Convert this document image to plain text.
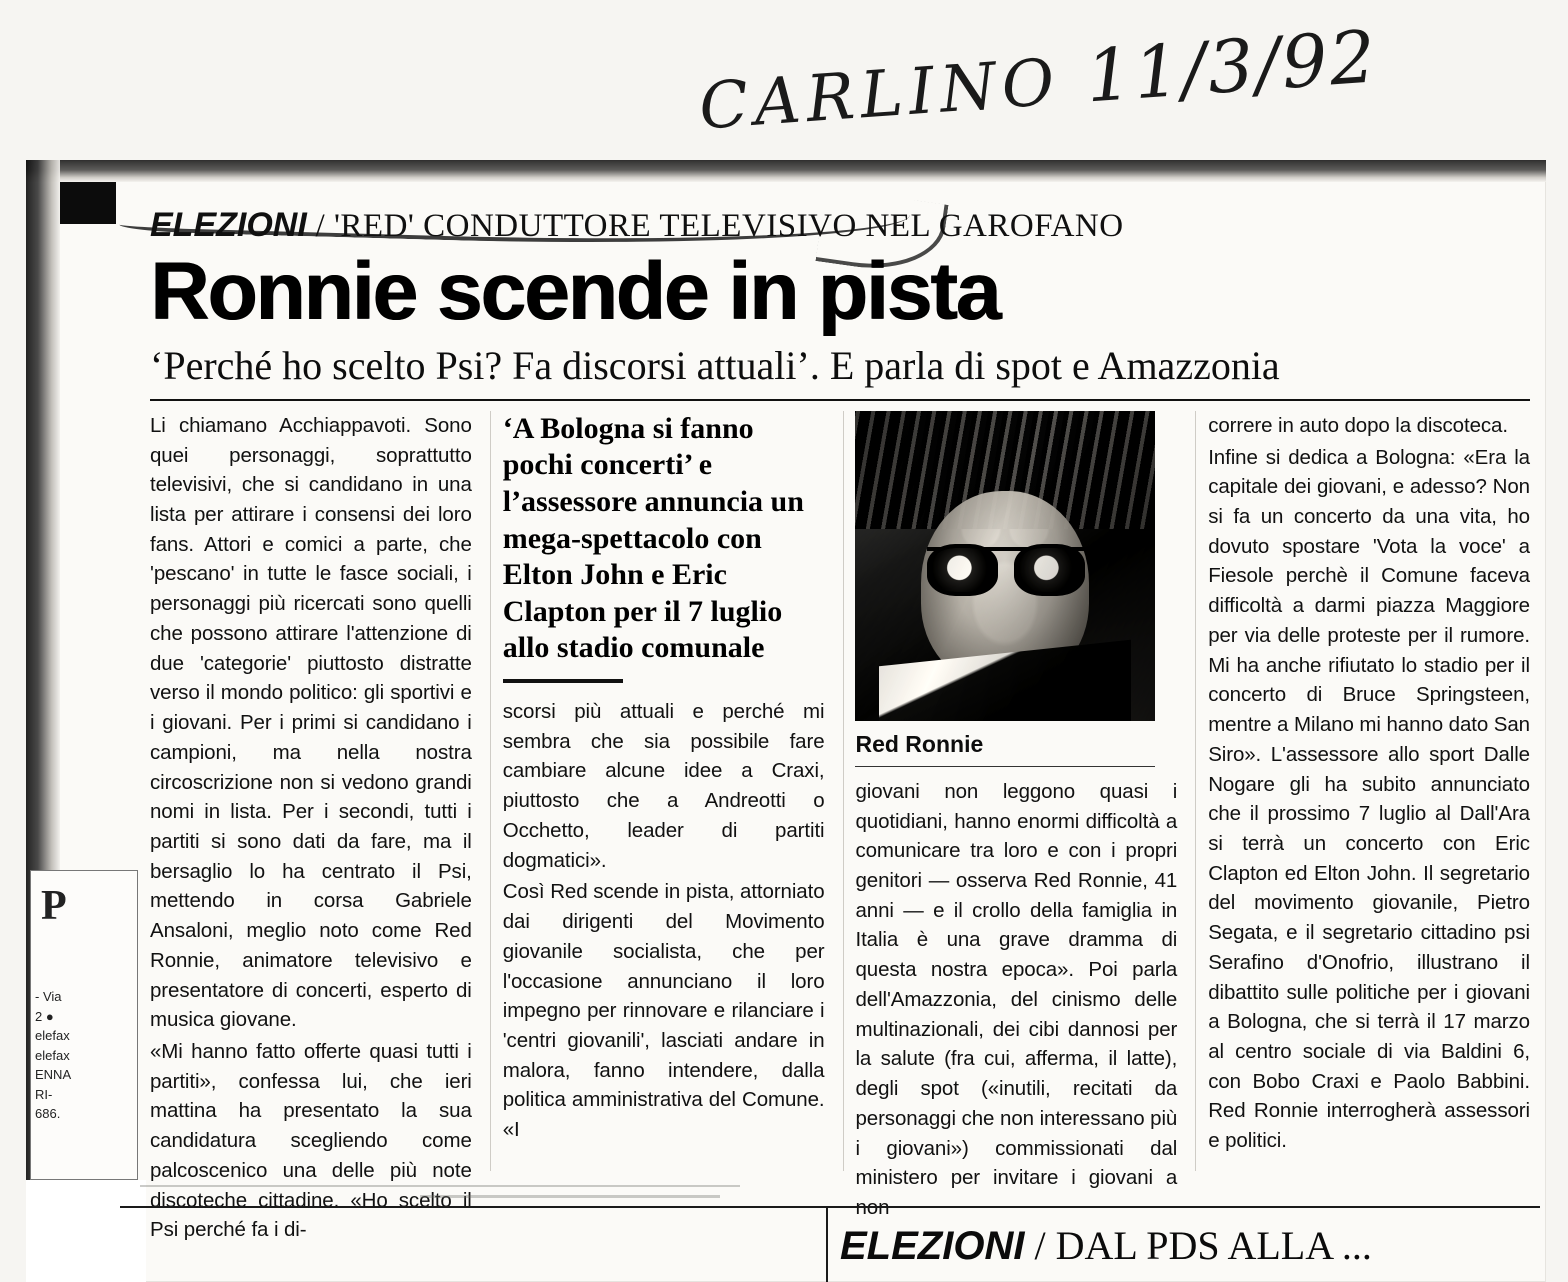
CARLINO 11/3/92
ELEZIONI / 'RED' CONDUTTORE TELEVISIVO NEL GAROFANO
Ronnie scende in pista
‘Perché ho scelto Psi? Fa discorsi attuali’. E parla di spot e Amazzonia

Li chiamano Acchiappavoti. Sono quei personaggi, soprattutto televisivi, che si candidano in una lista per attirare i consensi dei loro fans. Attori e comici a parte, che 'pescano' in tutte le fasce sociali, i personaggi più ricercati sono quelli che possono attirare l'attenzione di due 'categorie' piuttosto distratte verso il mondo politico: gli sportivi e i giovani. Per i primi si candidano i campioni, ma nella nostra circoscrizione non si vedono grandi nomi in lista. Per i secondi, tutti i partiti si sono dati da fare, ma il bersaglio lo ha centrato il Psi, mettendo in corsa Gabriele Ansaloni, meglio noto come Red Ronnie, animatore televisivo e presentatore di concerti, esperto di musica giovane.

«Mi hanno fatto offerte quasi tutti i partiti», confessa lui, che ieri mattina ha presentato la sua candidatura scegliendo come palcoscenico una delle più note discoteche cittadine. «Ho scelto il Psi perché fa i di-

‘A Bologna si fanno pochi concerti’ e l’assessore annuncia un mega-spettacolo con Elton John e Eric Clapton per il 7 luglio allo stadio comunale

scorsi più attuali e perché mi sembra che sia possibile fare cambiare alcune idee a Craxi, piuttosto che a Andreotti o Occhetto, leader di partiti dogmatici».

Così Red scende in pista, attorniato dai dirigenti del Movimento giovanile socialista, che per l'occasione annunciano il loro impegno per rinnovare e rilanciare i 'centri giovanili', lasciati andare in malora, fanno intendere, dalla politica amministrativa del Comune. «I

Red Ronnie

giovani non leggono quasi i quotidiani, hanno enormi difficoltà a comunicare tra loro e con i propri genitori — osserva Red Ronnie, 41 anni — e il crollo della famiglia in Italia è una grave dramma di questa nostra epoca». Poi parla dell'Amazzonia, del cinismo delle multinazionali, dei cibi dannosi per la salute (fra cui, afferma, il latte), degli spot («inutili, recitati da personaggi che non interessano più i giovani») commissionati dal ministero per invitare i giovani a non

correre in auto dopo la discoteca.

Infine si dedica a Bologna: «Era la capitale dei giovani, e adesso? Non si fa un concerto da una vita, ho dovuto spostare 'Vota la voce' a Fiesole perchè il Comune faceva difficoltà a darmi piazza Maggiore per via delle proteste per il rumore. Mi ha anche rifiutato lo stadio per il concerto di Bruce Springsteen, mentre a Milano mi hanno dato San Siro». L'assessore allo sport Dalle Nogare gli ha subito annunciato che il prossimo 7 luglio al Dall'Ara si terrà un concerto con Eric Clapton ed Elton John. Il segretario del movimento giovanile, Pietro Segata, e il segretario cittadino psi Serafino d'Onofrio, illustrano il dibattito sulle politiche per i giovani a Bologna, che si terrà il 17 marzo al centro sociale di via Baldini 6, con Bobo Craxi e Paolo Babbini. Red Ronnie interrogherà assessori e politici.

P
- Via
2 ●
elefax
elefax
ENNA
RI-
686.
ELEZIONI / DAL PDS ALLA ...
